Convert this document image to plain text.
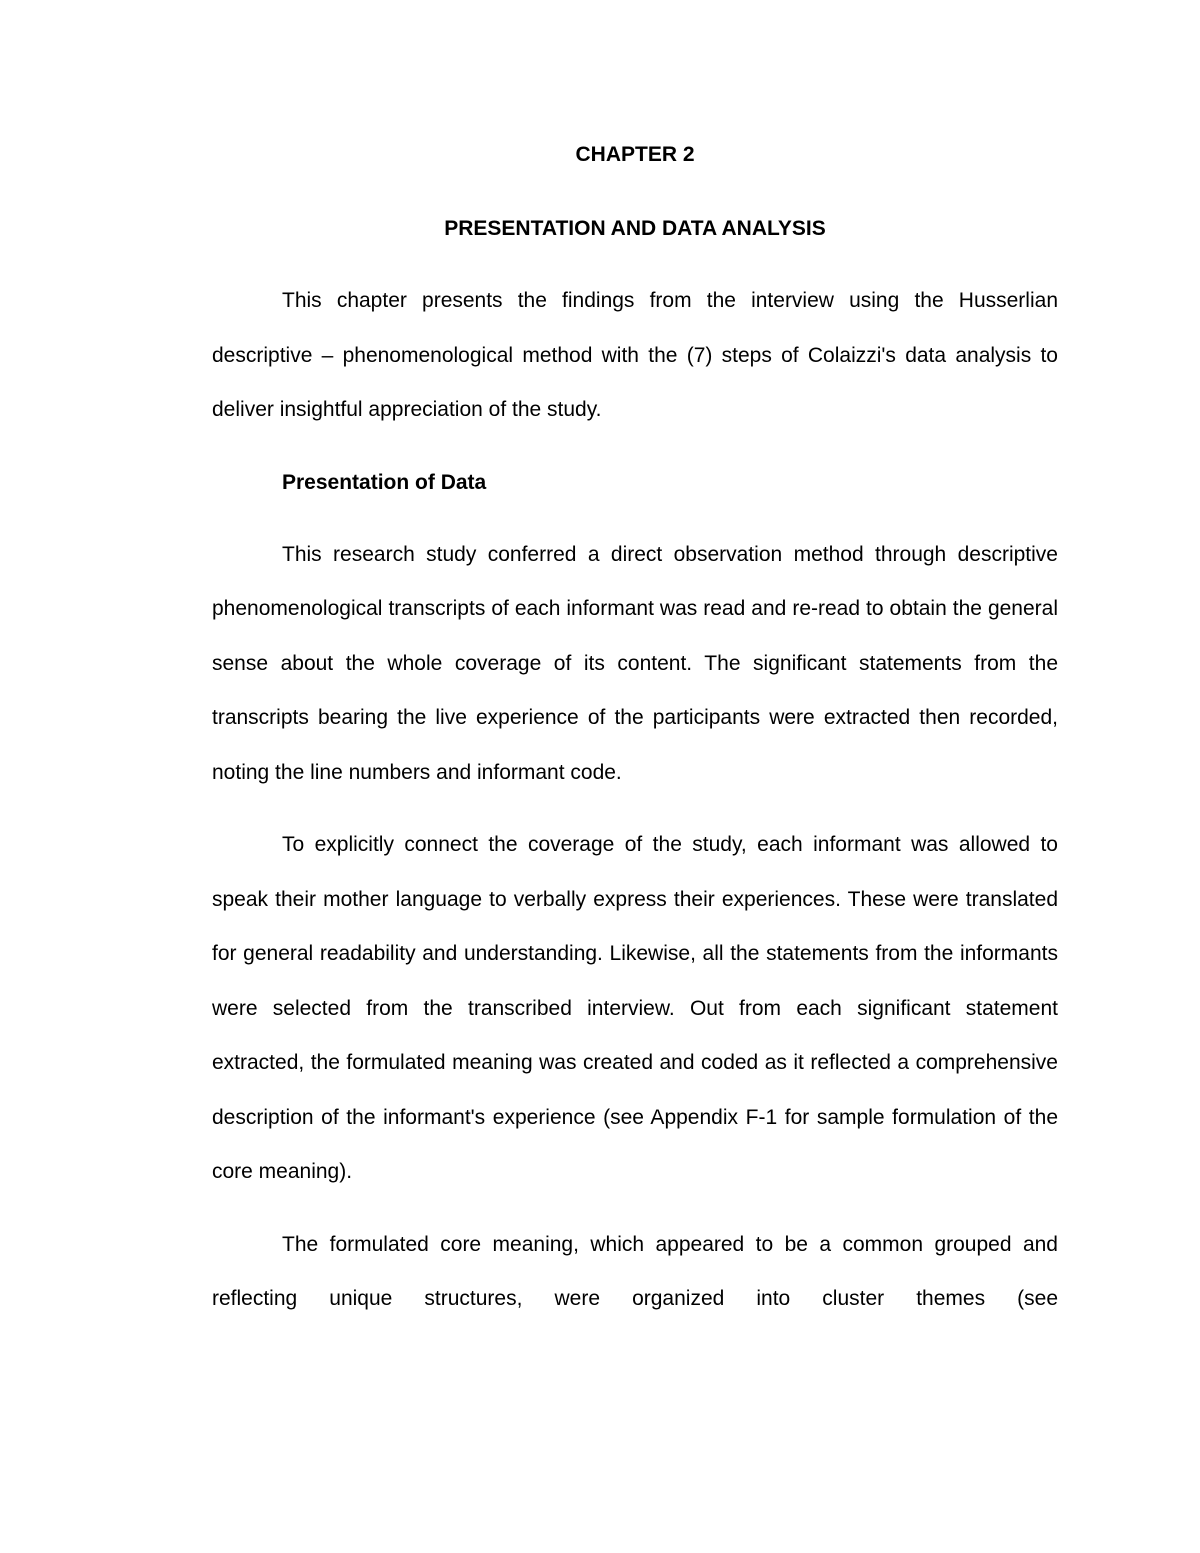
CHAPTER 2

PRESENTATION AND DATA ANALYSIS

This chapter presents the findings from the interview using the Husserlian descriptive – phenomenological method with the (7) steps of Colaizzi's data analysis to deliver insightful appreciation of the study.

Presentation of Data

This research study conferred a direct observation method through descriptive phenomenological transcripts of each informant was read and re-read to obtain the general sense about the whole coverage of its content. The significant statements from the transcripts bearing the live experience of the participants were extracted then recorded, noting the line numbers and informant code.

To explicitly connect the coverage of the study, each informant was allowed to speak their mother language to verbally express their experiences. These were translated for general readability and understanding. Likewise, all the statements from the informants were selected from the transcribed interview. Out from each significant statement extracted, the formulated meaning was created and coded as it reflected a comprehensive description of the informant's experience (see Appendix F-1 for sample formulation of the core meaning).

The formulated core meaning, which appeared to be a common grouped and reflecting unique structures, were organized into cluster themes (see
